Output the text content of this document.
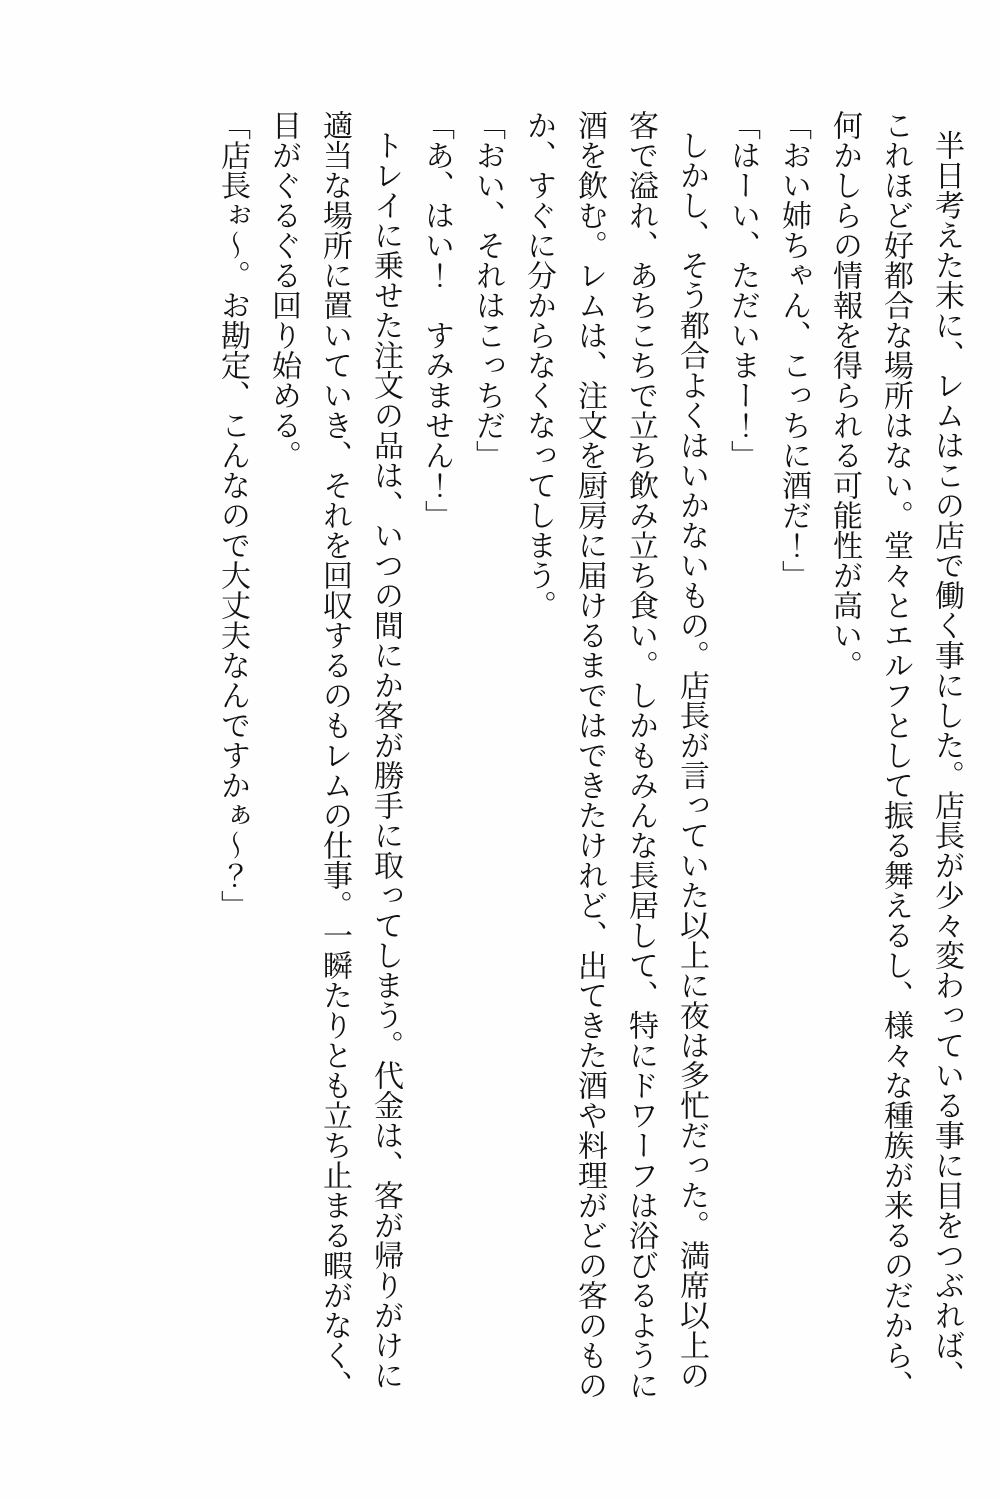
半日考えた末に、レムはこの店で働く事にした。店長が少々変わっている事に目をつぶれば、これほど好都合な場所はない。堂々とエルフとして振る舞えるし、様々な種族が来るのだから、何かしらの情報を得られる可能性が高い。

「おい姉ちゃん、こっちに酒だ！」

「はーい、ただいまー！」

しかし、そう都合よくはいかないもの。店長が言っていた以上に夜は多忙だった。満席以上の客で溢れ、あちこちで立ち飲み立ち食い。しかもみんな長居して、特にドワーフは浴びるように酒を飲む。レムは、注文を厨房に届けるまではできたけれど、出てきた酒や料理がどの客のものか、すぐに分からなくなってしまう。

「おい、それはこっちだ」

「あ、はい！　すみません！」

トレイに乗せた注文の品は、いつの間にか客が勝手に取ってしまう。代金は、客が帰りがけに適当な場所に置いていき、それを回収するのもレムの仕事。一瞬たりとも立ち止まる暇がなく、目がぐるぐる回り始める。

「店長ぉ～。お勘定、こんなので大丈夫なんですかぁ～？」
